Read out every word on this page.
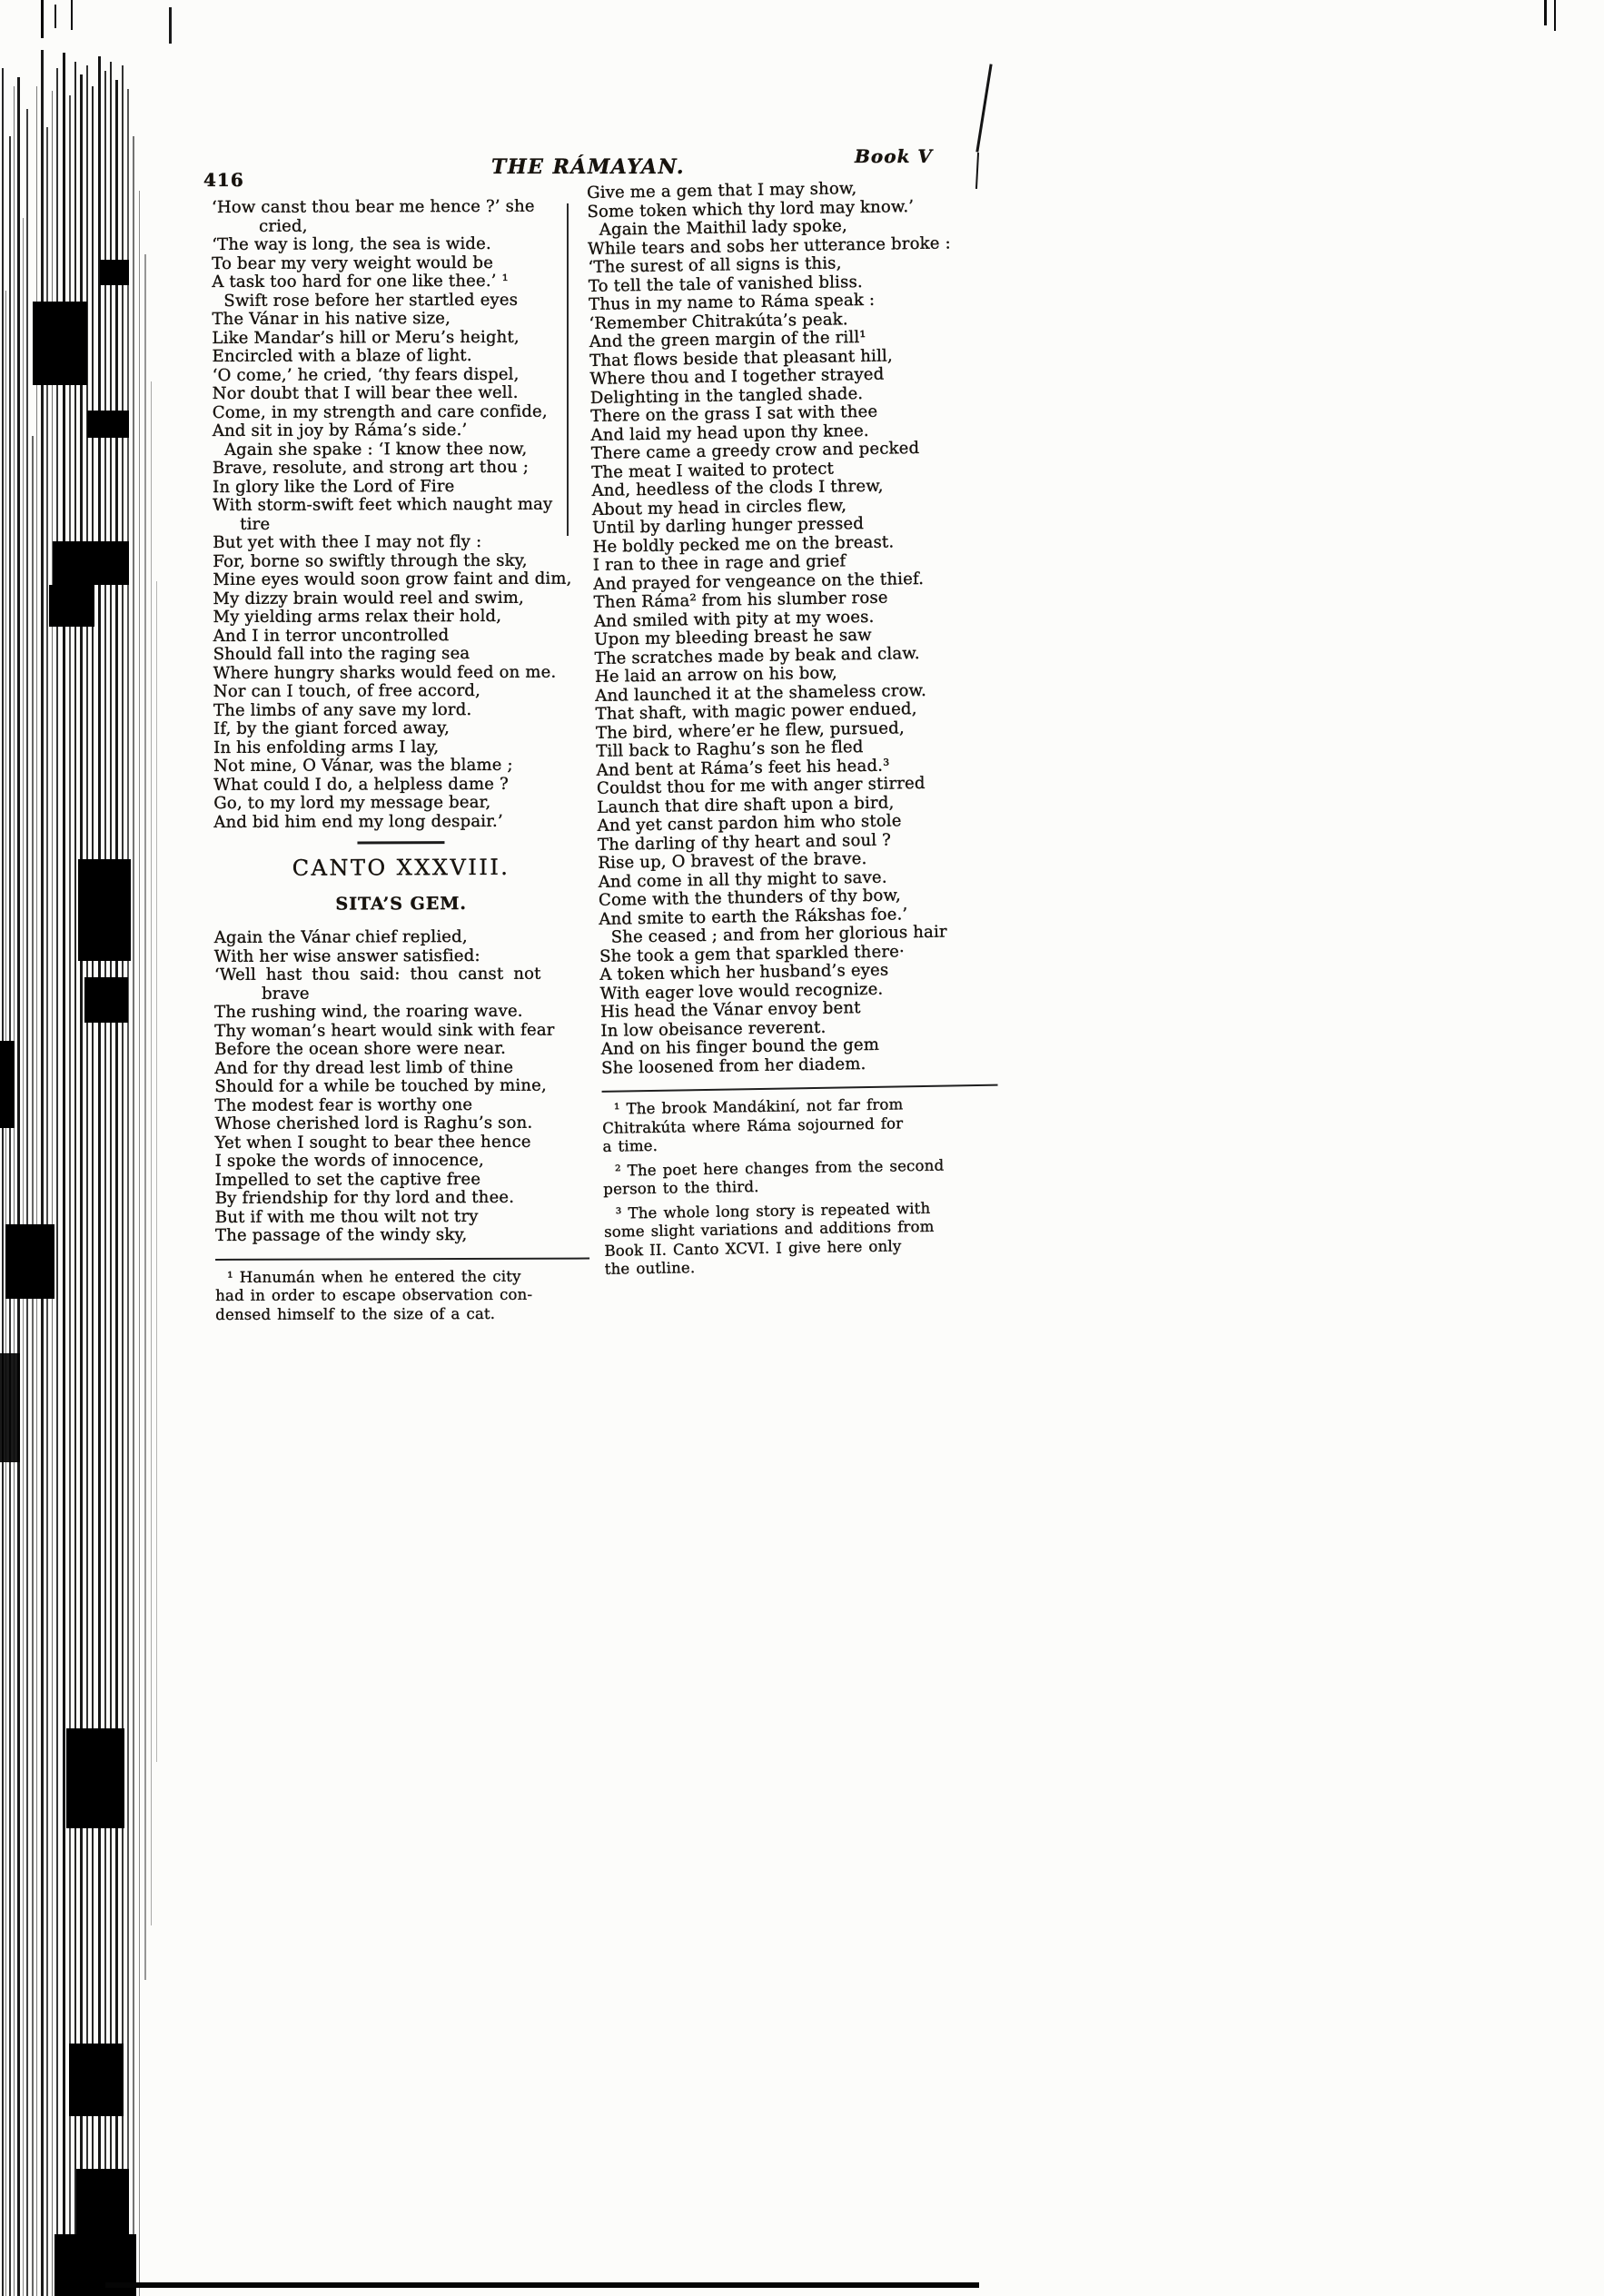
416
THE RÁMAYAN.	Book V
‘How canst thou bear me hence ?’ she
cried,
‘The way is long, the sea is wide.
To bear my very weight would be
A task too hard for one like thee.’ ¹
Swift rose before her startled eyes
The Vánar in his native size,
Like Mandar’s hill or Meru’s height,
Encircled with a blaze of light.
‘O come,’ he cried, ‘thy fears dispel,
Nor doubt that I will bear thee well.
Come, in my strength and care confide,
And sit in joy by Ráma’s side.’
Again she spake : ‘I know thee now,
Brave, resolute, and strong art thou ;
In glory like the Lord of Fire
With storm-swift feet which naught may
tire
But yet with thee I may not fly :
For, borne so swiftly through the sky,
Mine eyes would soon grow faint and dim,
My dizzy brain would reel and swim,
My yielding arms relax their hold,
And I in terror uncontrolled
Should fall into the raging sea
Where hungry sharks would feed on me.
Nor can I touch, of free accord,
The limbs of any save my lord.
If, by the giant forced away,
In his enfolding arms I lay,
Not mine, O Vánar, was the blame ;
What could I do, a helpless dame ?
Go, to my lord my message bear,
And bid him end my long despair.’
CANTO XXXVIII.
SITA’S GEM.
Again the Vánar chief replied,
With her wise answer satisfied:
‘Well hast thou said: thou canst not
brave
The rushing wind, the roaring wave.
Thy woman’s heart would sink with fear
Before the ocean shore were near.
And for thy dread lest limb of thine
Should for a while be touched by mine,
The modest fear is worthy one
Whose cherished lord is Raghu’s son.
Yet when I sought to bear thee hence
I spoke the words of innocence,
Impelled to set the captive free
By friendship for thy lord and thee.
But if with me thou wilt not try
The passage of the windy sky,
¹ Hanumán when he entered the city
had in order to escape observation con-
densed himself to the size of a cat.
Give me a gem that I may show,
Some token which thy lord may know.’
Again the Maithil lady spoke,
While tears and sobs her utterance broke :
‘The surest of all signs is this,
To tell the tale of vanished bliss.
Thus in my name to Ráma speak :
‘Remember Chitrakúta’s peak.
And the green margin of the rill¹
That flows beside that pleasant hill,
Where thou and I together strayed
Delighting in the tangled shade.
There on the grass I sat with thee
And laid my head upon thy knee.
There came a greedy crow and pecked
The meat I waited to protect
And, heedless of the clods I threw,
About my head in circles flew,
Until by darling hunger pressed
He boldly pecked me on the breast.
I ran to thee in rage and grief
And prayed for vengeance on the thief.
Then Ráma² from his slumber rose
And smiled with pity at my woes.
Upon my bleeding breast he saw
The scratches made by beak and claw.
He laid an arrow on his bow,
And launched it at the shameless crow.
That shaft, with magic power endued,
The bird, where’er he flew, pursued,
Till back to Raghu’s son he fled
And bent at Ráma’s feet his head.³
Couldst thou for me with anger stirred
Launch that dire shaft upon a bird,
And yet canst pardon him who stole
The darling of thy heart and soul ?
Rise up, O bravest of the brave.
And come in all thy might to save.
Come with the thunders of thy bow,
And smite to earth the Rákshas foe.’
She ceased ; and from her glorious hair
She took a gem that sparkled there·
A token which her husband’s eyes
With eager love would recognize.
His head the Vánar envoy bent
In low obeisance reverent.
And on his finger bound the gem
She loosened from her diadem.
¹ The brook Mandákiní, not far from
Chitrakúta where Ráma sojourned for
a time.
² The poet here changes from the second
person to the third.
³ The whole long story is repeated with
some slight variations and additions from
Book II. Canto XCVI. I give here only
the outline.
